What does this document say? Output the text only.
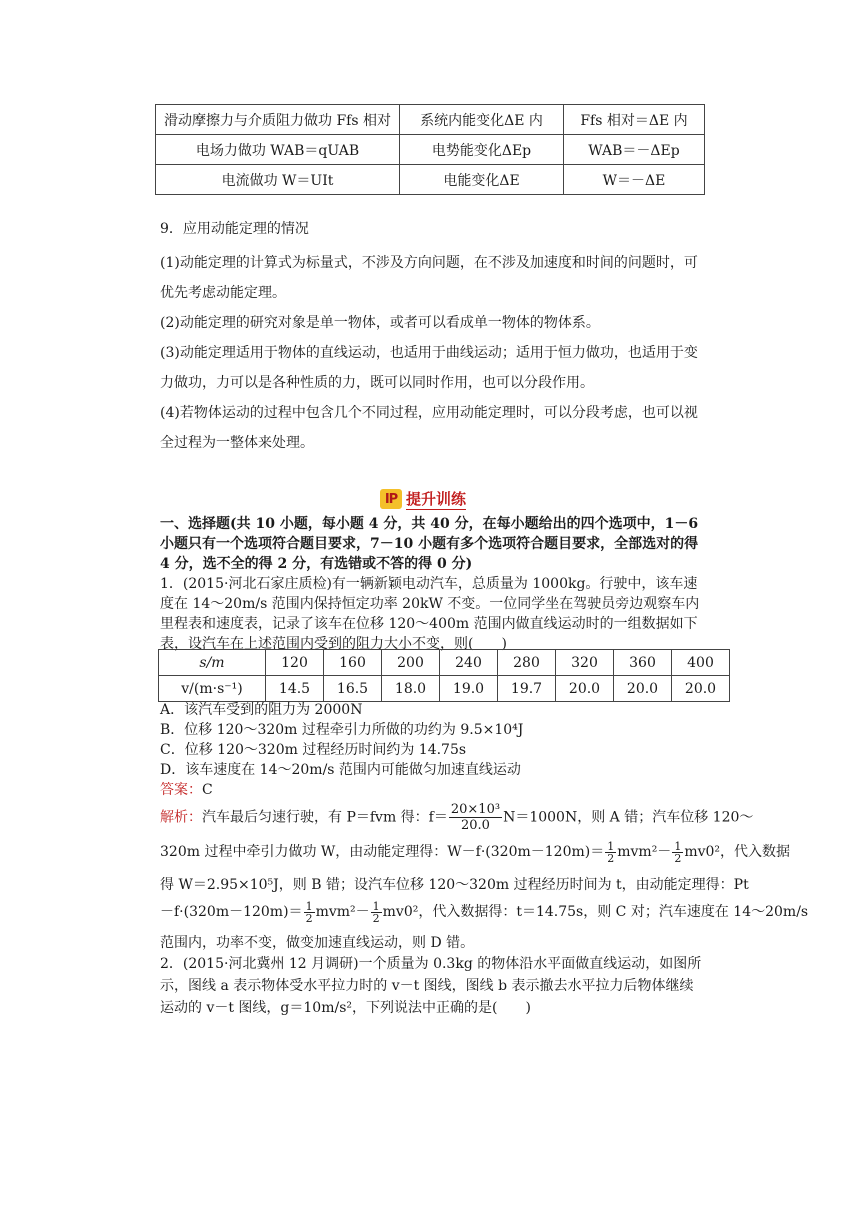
滑动摩擦力与介质阻力做功 Ffs 相对	系统内能变化ΔE 内	Ffs 相对＝ΔE 内
电场力做功 WAB＝qUAB	电势能变化ΔEp	WAB＝－ΔEp
电流做功 W＝UIt	电能变化ΔE	W＝－ΔE
9．应用动能定理的情况

(1)动能定理的计算式为标量式，不涉及方向问题，在不涉及加速度和时间的问题时，可优先考虑动能定理。

(2)动能定理的研究对象是单一物体，或者可以看成单一物体的物体系。

(3)动能定理适用于物体的直线运动，也适用于曲线运动；适用于恒力做功，也适用于变力做功，力可以是各种性质的力，既可以同时作用，也可以分段作用。

(4)若物体运动的过程中包含几个不同过程，应用动能定理时，可以分段考虑，也可以视全过程为一整体来处理。

IP 提升训练
一、选择题(共 10 小题，每小题 4 分，共 40 分，在每小题给出的四个选项中，1－6 小题只有一个选项符合题目要求，7－10 小题有多个选项符合题目要求，全部选对的得 4 分，选不全的得 2 分，有选错或不答的得 0 分)
1．(2015·河北石家庄质检)有一辆新颖电动汽车，总质量为 1000kg。行驶中，该车速度在 14～20m/s 范围内保持恒定功率 20kW 不变。一位同学坐在驾驶员旁边观察车内里程表和速度表，记录了该车在位移 120～400m 范围内做直线运动时的一组数据如下表，设汽车在上述范围内受到的阻力大小不变，则(　　)
s/m	120	160	200	240	280	320	360	400
v/(m·s⁻¹)	14.5	16.5	18.0	19.0	19.7	20.0	20.0	20.0
A．该汽车受到的阻力为 2000N
B．位移 120～320m 过程牵引力所做的功约为 9.5×10⁴J
C．位移 120～320m 过程经历时间约为 14.75s
D．该车速度在 14～20m/s 范围内可能做匀加速直线运动
答案：C
解析：汽车最后匀速行驶，有 P＝fvm 得：$f= \frac{\text{20×10³}}{20.0} N=1000N$，则 A 错；汽车位移 120～
320m 过程中牵引力做功 W，由动能定理得：$W-f\cdot(320m-120m)= \frac{1}{2} mvm^2- \frac{1}{2} mv0^2$，代入数据
得 W＝2.95×10⁵J，则 B 错；设汽车位移 120～320m 过程经历时间为 t，由动能定理得：Pt
$-f\cdot(320m-120m)= \frac{1}{2} mvm^2- \frac{1}{2} mv0^2$，代入数据得：t＝14.75s，则 C 对；汽车速度在 14～20m/s
范围内，功率不变，做变加速直线运动，则 D 错。
2．(2015·河北冀州 12 月调研)一个质量为 0.3kg 的物体沿水平面做直线运动，如图所示，图线 a 表示物体受水平拉力时的 v－t 图线，图线 b 表示撤去水平拉力后物体继续运动的 v－t 图线，g＝10m/s²，下列说法中正确的是(　　)
